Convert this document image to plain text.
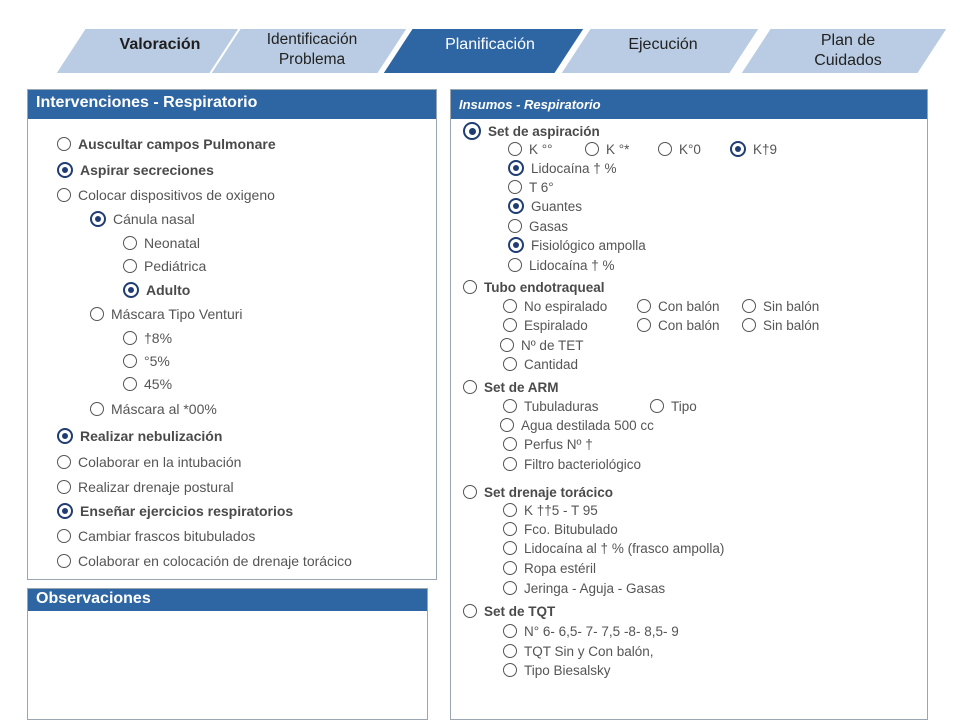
Valoración	Identificación Problema
Planificación	Ejecución	Plan de Cuidados
Intervenciones - Respiratorio
Auscultar campos Pulmonare
Aspirar secreciones
Colocar dispositivos de oxigeno
Cánula nasal
Neonatal
Pediátrica
Adulto
Máscara Tipo Venturi
†8%
°5%
45%
Máscara al *00%
Realizar nebulización
Colaborar en la intubación
Realizar drenaje postural
Enseñar ejercicios respiratorios
Cambiar frascos bitubulados
Colaborar en colocación de drenaje torácico
Observaciones
Insumos - Respiratorio
Set de aspiración
K °°	K °*	K°0	K†9
Lidocaína † %
T 6°
Guantes
Gasas
Fisiológico ampolla
Lidocaína † %
Tubo endotraqueal
No espiralado	Con balón	Sin balón
Espiralado	Con balón	Sin balón
Nº de TET
Cantidad
Set de ARM
Tubuladuras	Tipo
Agua destilada 500 cc
Perfus Nº †
Filtro bacteriológico
Set drenaje torácico
K ††5 - T 95
Fco. Bitubulado
Lidocaína al † % (frasco ampolla)
Ropa estéril
Jeringa - Aguja - Gasas
Set de TQT
N° 6- 6,5- 7- 7,5 -8- 8,5- 9
TQT Sin y Con balón,
Tipo Biesalsky
